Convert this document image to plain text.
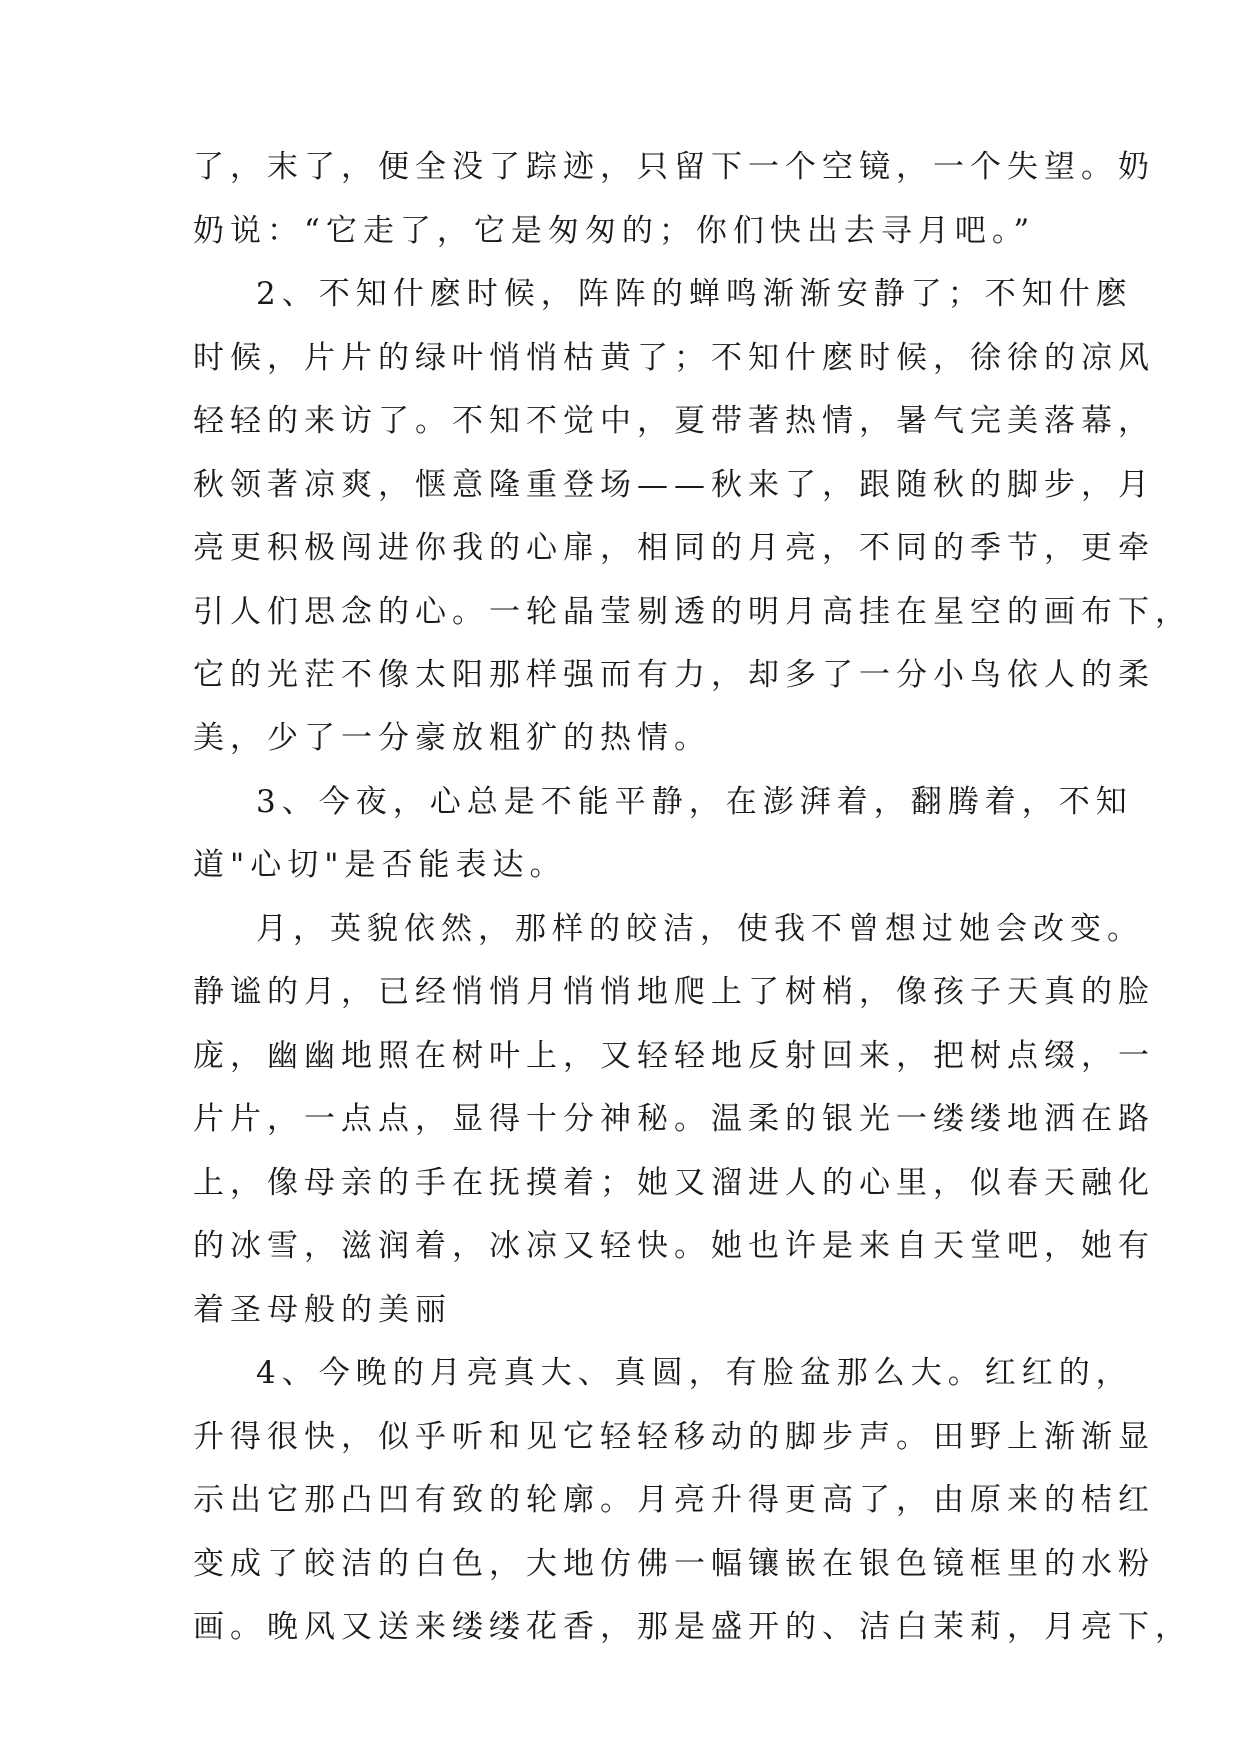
了，末了，便全没了踪迹，只留下一个空镜，一个失望。奶
奶说：“它走了，它是匆匆的；你们快出去寻月吧。”
2、不知什麽时候，阵阵的蝉鸣渐渐安静了；不知什麽
时候，片片的绿叶悄悄枯黄了；不知什麽时候，徐徐的凉风
轻轻的来访了。不知不觉中，夏带著热情，暑气完美落幕，
秋领著凉爽，惬意隆重登场——秋来了，跟随秋的脚步，月
亮更积极闯进你我的心扉，相同的月亮，不同的季节，更牵
引人们思念的心。一轮晶莹剔透的明月高挂在星空的画布下，
它的光茫不像太阳那样强而有力，却多了一分小鸟依人的柔
美，少了一分豪放粗犷的热情。
3、今夜，心总是不能平静，在澎湃着，翻腾着，不知
道"心切"是否能表达。
月，英貌依然，那样的皎洁，使我不曾想过她会改变。
静谧的月，已经悄悄月悄悄地爬上了树梢，像孩子天真的脸
庞，幽幽地照在树叶上，又轻轻地反射回来，把树点缀，一
片片，一点点，显得十分神秘。温柔的银光一缕缕地洒在路
上，像母亲的手在抚摸着；她又溜进人的心里，似春天融化
的冰雪，滋润着，冰凉又轻快。她也许是来自天堂吧，她有
着圣母般的美丽
4、今晚的月亮真大、真圆，有脸盆那么大。红红的，
升得很快，似乎听和见它轻轻移动的脚步声。田野上渐渐显
示出它那凸凹有致的轮廓。月亮升得更高了，由原来的桔红
变成了皎洁的白色，大地仿佛一幅镶嵌在银色镜框里的水粉
画。晚风又送来缕缕花香，那是盛开的、洁白茉莉，月亮下，
